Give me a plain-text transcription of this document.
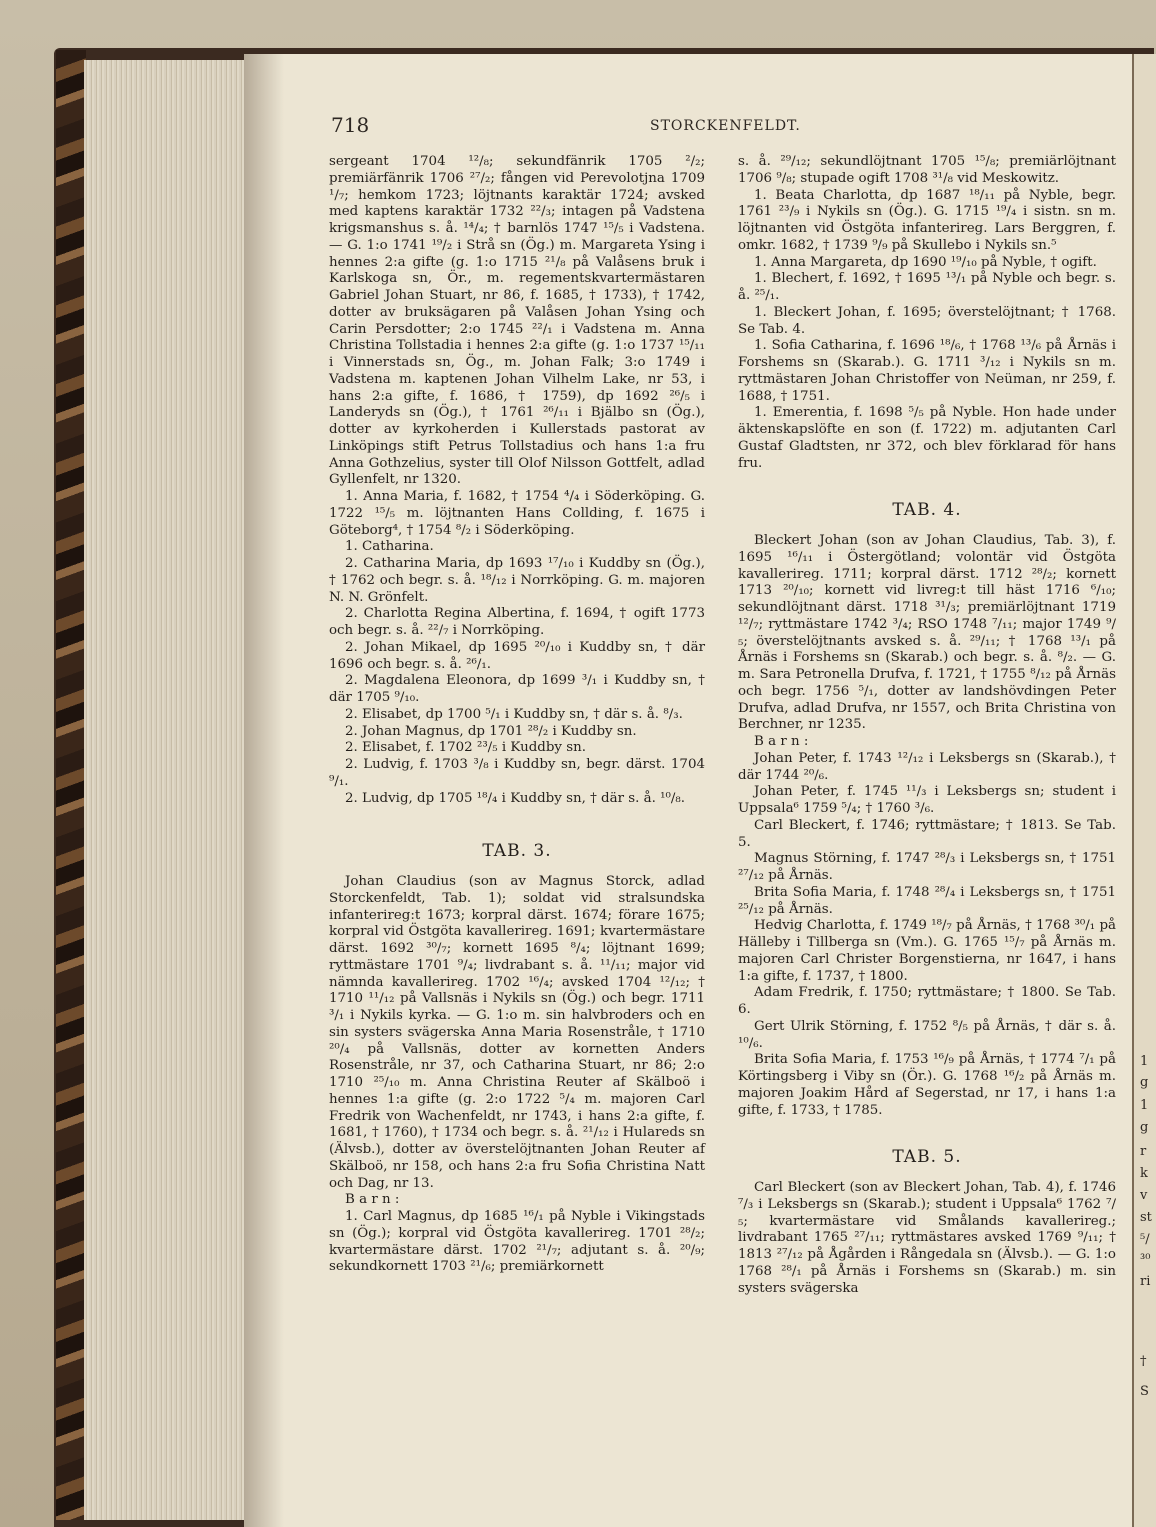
1
g
1
g
r
k
v
st
⁵/
³⁰
ri
†
S
718	STORCKENFELDT.

sergeant 1704 ¹²/₈; sekundfänrik 1705 ²/₂; premiärfänrik 1706 ²⁷/₂; fången vid Perevolotjna 1709 ¹/₇; hemkom 1723; löjtnants karaktär 1724; avsked med kaptens karaktär 1732 ²²/₃; intagen på Vadstena krigsmanshus s. å. ¹⁴/₄; † barnlös 1747 ¹⁵/₅ i Vadstena. — G. 1:o 1741 ¹⁹/₂ i Strå sn (Ög.) m. Margareta Ysing i hennes 2:a gifte (g. 1:o 1715 ²¹/₈ på Valåsens bruk i Karlskoga sn, Ör., m. regementskvartermästaren Gabriel Johan Stuart, nr 86, f. 1685, † 1733), † 1742, dotter av bruksägaren på Valåsen Johan Ysing och Carin Persdotter; 2:o 1745 ²²/₁ i Vadstena m. Anna Christina Tollstadia i hennes 2:a gifte (g. 1:o 1737 ¹⁵/₁₁ i Vinnerstads sn, Ög., m. Johan Falk; 3:o 1749 i Vadstena m. kaptenen Johan Vilhelm Lake, nr 53, i hans 2:a gifte, f. 1686, † 1759), dp 1692 ²⁶/₅ i Landeryds sn (Ög.), † 1761 ²⁶/₁₁ i Bjälbo sn (Ög.), dotter av kyrkoherden i Kullerstads pastorat av Linköpings stift Petrus Tollstadius och hans 1:a fru Anna Gothzelius, syster till Olof Nilsson Gottfelt, adlad Gyllenfelt, nr 1320.

1. Anna Maria, f. 1682, † 1754 ⁴/₄ i Söderköping. G. 1722 ¹⁵/₅ m. löjtnanten Hans Collding, f. 1675 i Göteborg⁴, † 1754 ⁸/₂ i Söderköping.

1. Catharina.

2. Catharina Maria, dp 1693 ¹⁷/₁₀ i Kuddby sn (Ög.), † 1762 och begr. s. å. ¹⁸/₁₂ i Norrköping. G. m. majoren N. N. Grönfelt.

2. Charlotta Regina Albertina, f. 1694, † ogift 1773 och begr. s. å. ²²/₇ i Norrköping.

2. Johan Mikael, dp 1695 ²⁰/₁₀ i Kuddby sn, † där 1696 och begr. s. å. ²⁶/₁.

2. Magdalena Eleonora, dp 1699 ³/₁ i Kuddby sn, † där 1705 ⁹/₁₀.

2. Elisabet, dp 1700 ⁵/₁ i Kuddby sn, † där s. å. ⁸/₃.

2. Johan Magnus, dp 1701 ²⁸/₂ i Kuddby sn.

2. Elisabet, f. 1702 ²³/₅ i Kuddby sn.

2. Ludvig, f. 1703 ³/₈ i Kuddby sn, begr. därst. 1704 ⁹/₁.

2. Ludvig, dp 1705 ¹⁸/₄ i Kuddby sn, † där s. å. ¹⁰/₈.

TAB. 3.

Johan Claudius (son av Magnus Storck, adlad Storckenfeldt, Tab. 1); soldat vid stralsundska infanterireg:t 1673; korpral därst. 1674; förare 1675; korpral vid Östgöta kavallerireg. 1691; kvartermästare därst. 1692 ³⁰/₇; kornett 1695 ⁸/₄; löjtnant 1699; ryttmästare 1701 ⁹/₄; livdrabant s. å. ¹¹/₁₁; major vid nämnda kavallerireg. 1702 ¹⁶/₄; avsked 1704 ¹²/₁₂; † 1710 ¹¹/₁₂ på Vallsnäs i Nykils sn (Ög.) och begr. 1711 ³/₁ i Nykils kyrka. — G. 1:o m. sin halvbroders och en sin systers svägerska Anna Maria Rosenstråle, † 1710 ²⁰/₄ på Vallsnäs, dotter av kornetten Anders Rosenstråle, nr 37, och Catharina Stuart, nr 86; 2:o 1710 ²⁵/₁₀ m. Anna Christina Reuter af Skälboö i hennes 1:a gifte (g. 2:o 1722 ⁵/₄ m. majoren Carl Fredrik von Wachenfeldt, nr 1743, i hans 2:a gifte, f. 1681, † 1760), † 1734 och begr. s. å. ²¹/₁₂ i Hulareds sn (Älvsb.), dotter av överstelöjtnanten Johan Reuter af Skälboö, nr 158, och hans 2:a fru Sofia Christina Natt och Dag, nr 13.

B a r n :

1. Carl Magnus, dp 1685 ¹⁶/₁ på Nyble i Vikingstads sn (Ög.); korpral vid Östgöta kavallerireg. 1701 ²⁸/₂; kvartermästare därst. 1702 ²¹/₇; adjutant s. å. ²⁰/₉; sekundkornett 1703 ²¹/₆; premiärkornett

s. å. ²⁹/₁₂; sekundlöjtnant 1705 ¹⁵/₈; premiärlöjtnant 1706 ⁹/₈; stupade ogift 1708 ³¹/₈ vid Meskowitz.

1. Beata Charlotta, dp 1687 ¹⁸/₁₁ på Nyble, begr. 1761 ²³/₉ i Nykils sn (Ög.). G. 1715 ¹⁹/₄ i sistn. sn m. löjtnanten vid Östgöta infanterireg. Lars Berggren, f. omkr. 1682, † 1739 ⁹/₉ på Skullebo i Nykils sn.⁵

1. Anna Margareta, dp 1690 ¹⁹/₁₀ på Nyble, † ogift.

1. Blechert, f. 1692, † 1695 ¹³/₁ på Nyble och begr. s. å. ²⁵/₁.

1. Bleckert Johan, f. 1695; överstelöjtnant; † 1768. Se Tab. 4.

1. Sofia Catharina, f. 1696 ¹⁸/₆, † 1768 ¹³/₆ på Årnäs i Forshems sn (Skarab.). G. 1711 ³/₁₂ i Nykils sn m. ryttmästaren Johan Christoffer von Neüman, nr 259, f. 1688, † 1751.

1. Emerentia, f. 1698 ⁵/₅ på Nyble. Hon hade under äktenskapslöfte en son (f. 1722) m. adjutanten Carl Gustaf Gladtsten, nr 372, och blev förklarad för hans fru.

TAB. 4.

Bleckert Johan (son av Johan Claudius, Tab. 3), f. 1695 ¹⁶/₁₁ i Östergötland; volontär vid Östgöta kavallerireg. 1711; korpral därst. 1712 ²⁸/₂; kornett 1713 ²⁰/₁₀; kornett vid livreg:t till häst 1716 ⁶/₁₀; sekundlöjtnant därst. 1718 ³¹/₃; premiärlöjtnant 1719 ¹²/₇; ryttmästare 1742 ³/₄; RSO 1748 ⁷/₁₁; major 1749 ⁹/₅; överstelöjtnants avsked s. å. ²⁹/₁₁; † 1768 ¹³/₁ på Årnäs i Forshems sn (Skarab.) och begr. s. å. ⁸/₂. — G. m. Sara Petronella Drufva, f. 1721, † 1755 ⁸/₁₂ på Årnäs och begr. 1756 ⁵/₁, dotter av landshövdingen Peter Drufva, adlad Drufva, nr 1557, och Brita Christina von Berchner, nr 1235.

B a r n :

Johan Peter, f. 1743 ¹²/₁₂ i Leksbergs sn (Skarab.), † där 1744 ²⁰/₆.

Johan Peter, f. 1745 ¹¹/₃ i Leksbergs sn; student i Uppsala⁶ 1759 ⁵/₄; † 1760 ³/₆.

Carl Bleckert, f. 1746; ryttmästare; † 1813. Se Tab. 5.

Magnus Störning, f. 1747 ²⁸/₃ i Leksbergs sn, † 1751 ²⁷/₁₂ på Årnäs.

Brita Sofia Maria, f. 1748 ²⁸/₄ i Leksbergs sn, † 1751 ²⁵/₁₂ på Årnäs.

Hedvig Charlotta, f. 1749 ¹⁸/₇ på Årnäs, † 1768 ³⁰/₁ på Hälleby i Tillberga sn (Vm.). G. 1765 ¹⁵/₇ på Årnäs m. majoren Carl Christer Borgenstierna, nr 1647, i hans 1:a gifte, f. 1737, † 1800.

Adam Fredrik, f. 1750; ryttmästare; † 1800. Se Tab. 6.

Gert Ulrik Störning, f. 1752 ⁸/₅ på Årnäs, † där s. å. ¹⁰/₆.

Brita Sofia Maria, f. 1753 ¹⁶/₉ på Årnäs, † 1774 ⁷/₁ på Körtingsberg i Viby sn (Ör.). G. 1768 ¹⁶/₂ på Årnäs m. majoren Joakim Hård af Segerstad, nr 17, i hans 1:a gifte, f. 1733, † 1785.

TAB. 5.

Carl Bleckert (son av Bleckert Johan, Tab. 4), f. 1746 ⁷/₃ i Leksbergs sn (Skarab.); student i Uppsala⁶ 1762 ⁷/₅; kvartermästare vid Smålands kavallerireg.; livdrabant 1765 ²⁷/₁₁; ryttmästares avsked 1769 ⁹/₁₁; † 1813 ²⁷/₁₂ på Ågården i Rångedala sn (Älvsb.). — G. 1:o 1768 ²⁸/₁ på Årnäs i Forshems sn (Skarab.) m. sin systers svägerska
